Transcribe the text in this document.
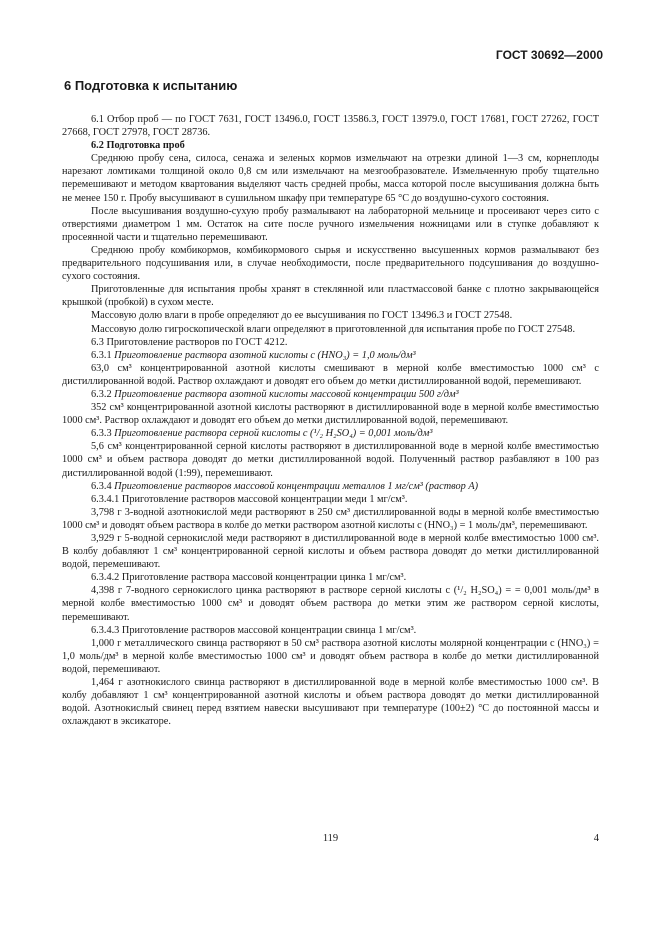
ГОСТ 30692—2000
6 Подготовка к испытанию

6.1 Отбор проб — по ГОСТ 7631, ГОСТ 13496.0, ГОСТ 13586.3, ГОСТ 13979.0, ГОСТ 17681, ГОСТ 27262, ГОСТ 27668, ГОСТ 27978, ГОСТ 28736.

6.2 Подготовка проб

Среднюю пробу сена, силоса, сенажа и зеленых кормов измельчают на отрезки длиной 1—3 см, корнеплоды нарезают ломтиками толщиной около 0,8 см или измельчают на мезгообразователе. Измельченную пробу тщательно перемешивают и методом квартования выделяют часть средней пробы, масса которой после высушивания должна быть не менее 150 г. Пробу высушивают в сушильном шкафу при температуре 65 °С до воздушно-сухого состояния.

После высушивания воздушно-сухую пробу размалывают на лабораторной мельнице и просеивают через сито с отверстиями диаметром 1 мм. Остаток на сите после ручного измельчения ножницами или в ступке добавляют к просеянной части и тщательно перемешивают.

Среднюю пробу комбикормов, комбикормового сырья и искусственно высушенных кормов размалывают без предварительного подсушивания или, в случае необходимости, после предварительного подсушивания до воздушно-сухого состояния.

Приготовленные для испытания пробы хранят в стеклянной или пластмассовой банке с плотно закрывающейся крышкой (пробкой) в сухом месте.

Массовую долю влаги в пробе определяют до ее высушивания по ГОСТ 13496.3 и ГОСТ 27548.

Массовую долю гигроскопической влаги определяют в приготовленной для испытания пробе по ГОСТ 27548.

6.3 Приготовление растворов по ГОСТ 4212.

6.3.1 Приготовление раствора азотной кислоты с (HNO₃) = 1,0 моль/дм³

63,0 см³ концентрированной азотной кислоты смешивают в мерной колбе вместимостью 1000 см³ с дистиллированной водой. Раствор охлаждают и доводят его объем до метки дистиллированной водой, перемешивают.

6.3.2 Приготовление раствора азотной кислоты массовой концентрации 500 г/дм³

352 см³ концентрированной азотной кислоты растворяют в дистиллированной воде в мерной колбе вместимостью 1000 см³. Раствор охлаждают и доводят его объем до метки дистиллированной водой, перемешивают.

6.3.3 Приготовление раствора серной кислоты с (¹/₂ H₂SO₄) = 0,001 моль/дм³

5,6 см³ концентрированной серной кислоты растворяют в дистиллированной воде в мерной колбе вместимостью 1000 см³ и объем раствора доводят до метки дистиллированной водой. Полученный раствор разбавляют в 100 раз дистиллированной водой (1:99), перемешивают.

6.3.4 Приготовление растворов массовой концентрации металлов 1 мг/см³ (раствор А)

6.3.4.1 Приготовление растворов массовой концентрации меди 1 мг/см³.

3,798 г 3-водной азотнокислой меди растворяют в 250 см³ дистиллированной воды в мерной колбе вместимостью 1000 см³ и доводят объем раствора в колбе до метки раствором азотной кислоты с (HNO₃) = 1 моль/дм³, перемешивают.

3,929 г 5-водной сернокислой меди растворяют в дистиллированной воде в мерной колбе вместимостью 1000 см³. В колбу добавляют 1 см³ концентрированной серной кислоты и объем раствора доводят до метки дистиллированной водой, перемешивают.

6.3.4.2 Приготовление раствора массовой концентрации цинка 1 мг/см³.

4,398 г 7-водного сернокислого цинка растворяют в растворе серной кислоты с (¹/₂ H₂SO₄) = = 0,001 моль/дм³ в мерной колбе вместимостью 1000 см³ и доводят объем раствора до метки этим же раствором серной кислоты, перемешивают.

6.3.4.3 Приготовление растворов массовой концентрации свинца 1 мг/см³.

1,000 г металлического свинца растворяют в 50 см³ раствора азотной кислоты молярной концентрации с (HNO₃) = 1,0 моль/дм³ в мерной колбе вместимостью 1000 см³ и доводят объем раствора в колбе до метки дистиллированной водой, перемешивают.

1,464 г азотнокислого свинца растворяют в дистиллированной воде в мерной колбе вместимостью 1000 см³. В колбу добавляют 1 см³ концентрированной азотной кислоты и объем раствора доводят до метки дистиллированной водой. Азотнокислый свинец перед взятием навески высушивают при температуре (100±2) °С до постоянной массы и охлаждают в эксикаторе.

119	4
